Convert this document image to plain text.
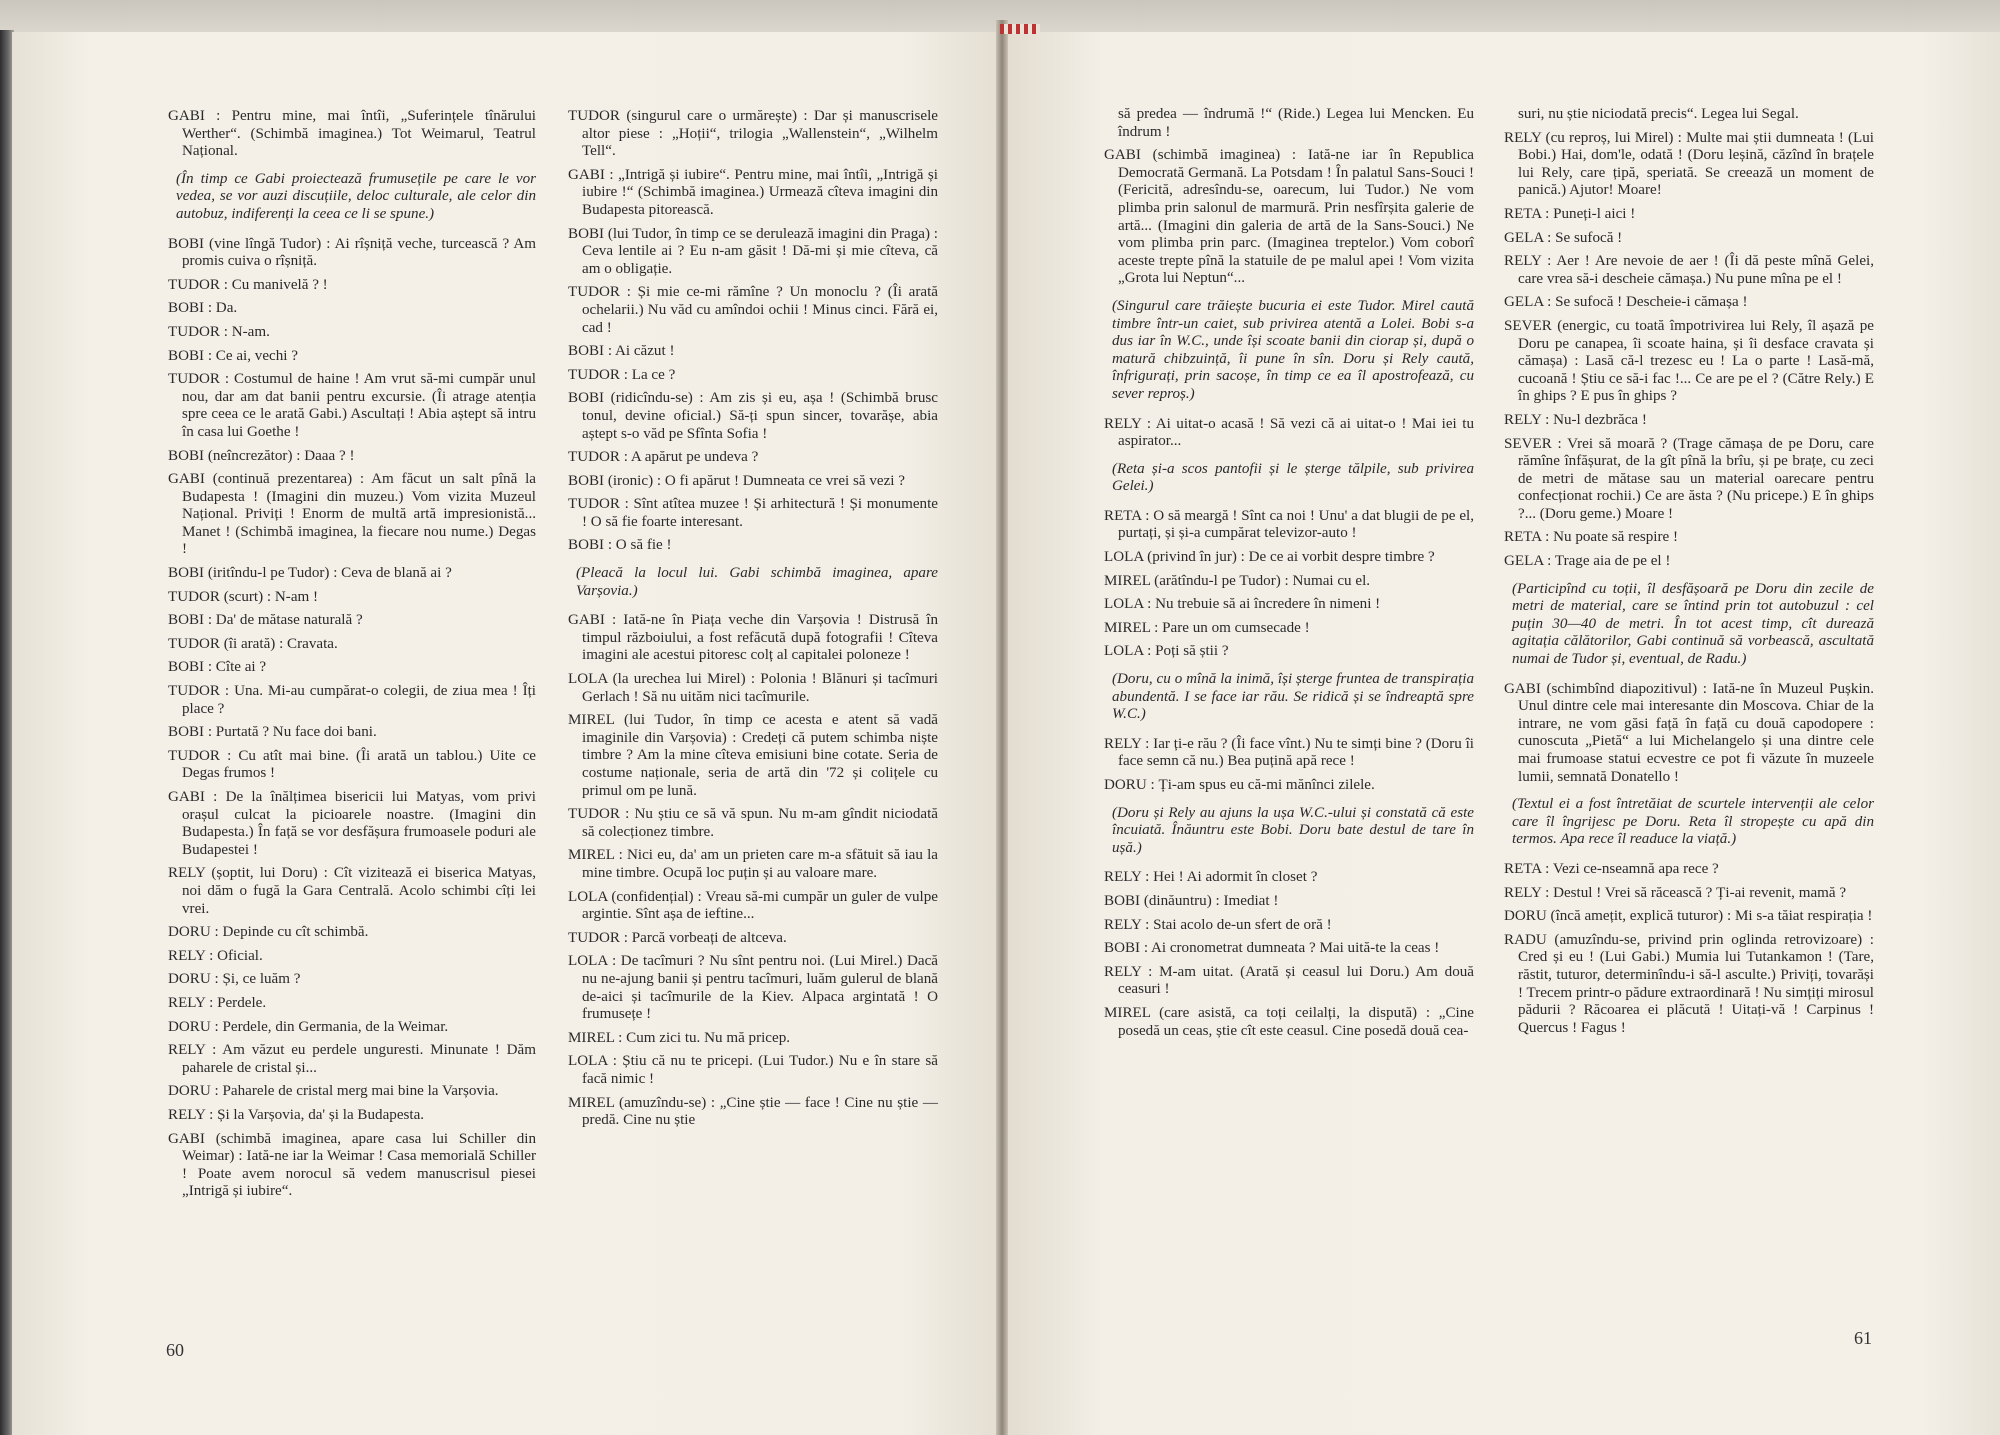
GABI : Pentru mine, mai întîi, „Suferințele tînărului Werther“. (Schimbă imaginea.) Tot Weimarul, Teatrul Național.

(În timp ce Gabi proiectează frumusețile pe care le vor vedea, se vor auzi discuțiile, deloc culturale, ale celor din autobuz, indiferenți la ceea ce li se spune.)

BOBI (vine lîngă Tudor) : Ai rîșniță veche, turcească ? Am promis cuiva o rîșniță.

TUDOR : Cu manivelă ? !

BOBI : Da.

TUDOR : N-am.

BOBI : Ce ai, vechi ?

TUDOR : Costumul de haine ! Am vrut să-mi cumpăr unul nou, dar am dat banii pentru excursie. (Îi atrage atenția spre ceea ce le arată Gabi.) Ascultați ! Abia aștept să intru în casa lui Goethe !

BOBI (neîncrezător) : Daaa ? !

GABI (continuă prezentarea) : Am făcut un salt pînă la Budapesta ! (Imagini din muzeu.) Vom vizita Muzeul Național. Priviți ! Enorm de multă artă impresionistă... Manet ! (Schimbă imaginea, la fiecare nou nume.) Degas !

BOBI (iritîndu-l pe Tudor) : Ceva de blană ai ?

TUDOR (scurt) : N-am !

BOBI : Da' de mătase naturală ?

TUDOR (îi arată) : Cravata.

BOBI : Cîte ai ?

TUDOR : Una. Mi-au cumpărat-o colegii, de ziua mea ! Îți place ?

BOBI : Purtată ? Nu face doi bani.

TUDOR : Cu atît mai bine. (Îi arată un tablou.) Uite ce Degas frumos !

GABI : De la înălțimea bisericii lui Matyas, vom privi orașul culcat la picioarele noastre. (Imagini din Budapesta.) În față se vor desfășura frumoasele poduri ale Budapestei !

RELY (șoptit, lui Doru) : Cît vizitează ei biserica Matyas, noi dăm o fugă la Gara Centrală. Acolo schimbi cîți lei vrei.

DORU : Depinde cu cît schimbă.

RELY : Oficial.

DORU : Și, ce luăm ?

RELY : Perdele.

DORU : Perdele, din Germania, de la Weimar.

RELY : Am văzut eu perdele unguresti. Minunate ! Dăm paharele de cristal și...

DORU : Paharele de cristal merg mai bine la Varșovia.

RELY : Și la Varșovia, da' și la Budapesta.

GABI (schimbă imaginea, apare casa lui Schiller din Weimar) : Iată-ne iar la Weimar ! Casa memorială Schiller ! Poate avem norocul să vedem manuscrisul piesei „Intrigă și iubire“.

TUDOR (singurul care o urmărește) : Dar și manuscrisele altor piese : „Hoții“, trilogia „Wallenstein“, „Wilhelm Tell“.

GABI : „Intrigă și iubire“. Pentru mine, mai întîi, „Intrigă și iubire !“ (Schimbă imaginea.) Urmează cîteva imagini din Budapesta pitorească.

BOBI (lui Tudor, în timp ce se derulează imagini din Praga) : Ceva lentile ai ? Eu n-am găsit ! Dă-mi și mie cîteva, că am o obligație.

TUDOR : Și mie ce-mi rămîne ? Un monoclu ? (Îi arată ochelarii.) Nu văd cu amîndoi ochii ! Minus cinci. Fără ei, cad !

BOBI : Ai căzut !

TUDOR : La ce ?

BOBI (ridicîndu-se) : Am zis și eu, așa ! (Schimbă brusc tonul, devine oficial.) Să-ți spun sincer, tovarășe, abia aștept s-o văd pe Sfînta Sofia !

TUDOR : A apărut pe undeva ?

BOBI (ironic) : O fi apărut ! Dumneata ce vrei să vezi ?

TUDOR : Sînt atîtea muzee ! Și arhitectură ! Și monumente ! O să fie foarte interesant.

BOBI : O să fie !

(Pleacă la locul lui. Gabi schimbă imaginea, apare Varșovia.)

GABI : Iată-ne în Piața veche din Varșovia ! Distrusă în timpul războiului, a fost refăcută după fotografii ! Cîteva imagini ale acestui pitoresc colț al capitalei poloneze !

LOLA (la urechea lui Mirel) : Polonia ! Blănuri și tacîmuri Gerlach ! Să nu uităm nici tacîmurile.

MIREL (lui Tudor, în timp ce acesta e atent să vadă imaginile din Varșovia) : Credeți că putem schimba niște timbre ? Am la mine cîteva emisiuni bine cotate. Seria de costume naționale, seria de artă din '72 și colițele cu primul om pe lună.

TUDOR : Nu știu ce să vă spun. Nu m-am gîndit niciodată să colecționez timbre.

MIREL : Nici eu, da' am un prieten care m-a sfătuit să iau la mine timbre. Ocupă loc puțin și au valoare mare.

LOLA (confidențial) : Vreau să-mi cumpăr un guler de vulpe argintie. Sînt așa de ieftine...

TUDOR : Parcă vorbeați de altceva.

LOLA : De tacîmuri ? Nu sînt pentru noi. (Lui Mirel.) Dacă nu ne-ajung banii și pentru tacîmuri, luăm gulerul de blană de-aici și tacîmurile de la Kiev. Alpaca argintată ! O frumusețe !

MIREL : Cum zici tu. Nu mă pricep.

LOLA : Știu că nu te pricepi. (Lui Tudor.) Nu e în stare să facă nimic !

MIREL (amuzîndu-se) : „Cine știe — face ! Cine nu știe — predă. Cine nu știe

să predea — îndrumă !“ (Ride.) Legea lui Mencken. Eu îndrum !

GABI (schimbă imaginea) : Iată-ne iar în Republica Democrată Germană. La Potsdam ! În palatul Sans-Souci ! (Fericită, adresîndu-se, oarecum, lui Tudor.) Ne vom plimba prin salonul de marmură. Prin nesfîrșita galerie de artă... (Imagini din galeria de artă de la Sans-Souci.) Ne vom plimba prin parc. (Imaginea treptelor.) Vom coborî aceste trepte pînă la statuile de pe malul apei ! Vom vizita „Grota lui Neptun“...

(Singurul care trăiește bucuria ei este Tudor. Mirel caută timbre într-un caiet, sub privirea atentă a Lolei. Bobi s-a dus iar în W.C., unde își scoate banii din ciorap și, după o matură chibzuință, îi pune în sîn. Doru și Rely caută, înfrigurați, prin sacoșe, în timp ce ea îl apostrofează, cu sever reproș.)

RELY : Ai uitat-o acasă ! Să vezi că ai uitat-o ! Mai iei tu aspirator...

(Reta și-a scos pantofii și le șterge tălpile, sub privirea Gelei.)

RETA : O să meargă ! Sînt ca noi ! Unu' a dat blugii de pe el, purtați, și și-a cumpărat televizor-auto !

LOLA (privind în jur) : De ce ai vorbit despre timbre ?

MIREL (arătîndu-l pe Tudor) : Numai cu el.

LOLA : Nu trebuie să ai încredere în nimeni !

MIREL : Pare un om cumsecade !

LOLA : Poți să știi ?

(Doru, cu o mînă la inimă, își șterge fruntea de transpirația abundentă. I se face iar rău. Se ridică și se îndreaptă spre W.C.)

RELY : Iar ți-e rău ? (Îi face vînt.) Nu te simți bine ? (Doru îi face semn că nu.) Bea puțină apă rece !

DORU : Ți-am spus eu că-mi mănînci zilele.

(Doru și Rely au ajuns la ușa W.C.-ului și constată că este încuiată. Înăuntru este Bobi. Doru bate destul de tare în ușă.)

RELY : Hei ! Ai adormit în closet ?

BOBI (dinăuntru) : Imediat !

RELY : Stai acolo de-un sfert de oră !

BOBI : Ai cronometrat dumneata ? Mai uită-te la ceas !

RELY : M-am uitat. (Arată și ceasul lui Doru.) Am două ceasuri !

MIREL (care asistă, ca toți ceilalți, la dispută) : „Cine posedă un ceas, știe cît este ceasul. Cine posedă două cea-

suri, nu știe niciodată precis“. Legea lui Segal.

RELY (cu reproș, lui Mirel) : Multe mai știi dumneata ! (Lui Bobi.) Hai, dom'le, odată ! (Doru leșină, căzînd în brațele lui Rely, care țipă, speriată. Se creează un moment de panică.) Ajutor! Moare!

RETA : Puneți-l aici !

GELA : Se sufocă !

RELY : Aer ! Are nevoie de aer ! (Îi dă peste mînă Gelei, care vrea să-i descheie cămașa.) Nu pune mîna pe el !

GELA : Se sufocă ! Descheie-i cămașa !

SEVER (energic, cu toată împotrivirea lui Rely, îl așază pe Doru pe canapea, îi scoate haina, și îi desface cravata și cămașa) : Lasă că-l trezesc eu ! La o parte ! Lasă-mă, cucoană ! Știu ce să-i fac !... Ce are pe el ? (Către Rely.) E în ghips ? E pus în ghips ?

RELY : Nu-l dezbrăca !

SEVER : Vrei să moară ? (Trage cămașa de pe Doru, care rămîne înfășurat, de la gît pînă la brîu, și pe brațe, cu zeci de metri de mătase sau un material oarecare pentru confecționat rochii.) Ce are ăsta ? (Nu pricepe.) E în ghips ?... (Doru geme.) Moare !

RETA : Nu poate să respire !

GELA : Trage aia de pe el !

(Participînd cu toții, îl desfășoară pe Doru din zecile de metri de material, care se întind prin tot autobuzul : cel puțin 30—40 de metri. În tot acest timp, cît durează agitația călătorilor, Gabi continuă să vorbească, ascultată numai de Tudor și, eventual, de Radu.)

GABI (schimbînd diapozitivul) : Iată-ne în Muzeul Pușkin. Unul dintre cele mai interesante din Moscova. Chiar de la intrare, ne vom găsi față în față cu două capodopere : cunoscuta „Pietă“ a lui Michelangelo și una dintre cele mai frumoase statui ecvestre ce pot fi văzute în muzeele lumii, semnată Donatello !

(Textul ei a fost întretăiat de scurtele intervenții ale celor care îl îngrijesc pe Doru. Reta îl stropește cu apă din termos. Apa rece îl readuce la viață.)

RETA : Vezi ce-nseamnă apa rece ?

RELY : Destul ! Vrei să răcească ? Ți-ai revenit, mamă ?

DORU (încă amețit, explică tuturor) : Mi s-a tăiat respirația !

RADU (amuzîndu-se, privind prin oglinda retrovizoare) : Cred și eu ! (Lui Gabi.) Mumia lui Tutankamon ! (Tare, răstit, tuturor, determinîndu-i să-l asculte.) Priviți, tovarăși ! Trecem printr-o pădure extraordinară ! Nu simțiți mirosul pădurii ? Răcoarea ei plăcută ! Uitați-vă ! Carpinus ! Quercus ! Fagus !

60
61
